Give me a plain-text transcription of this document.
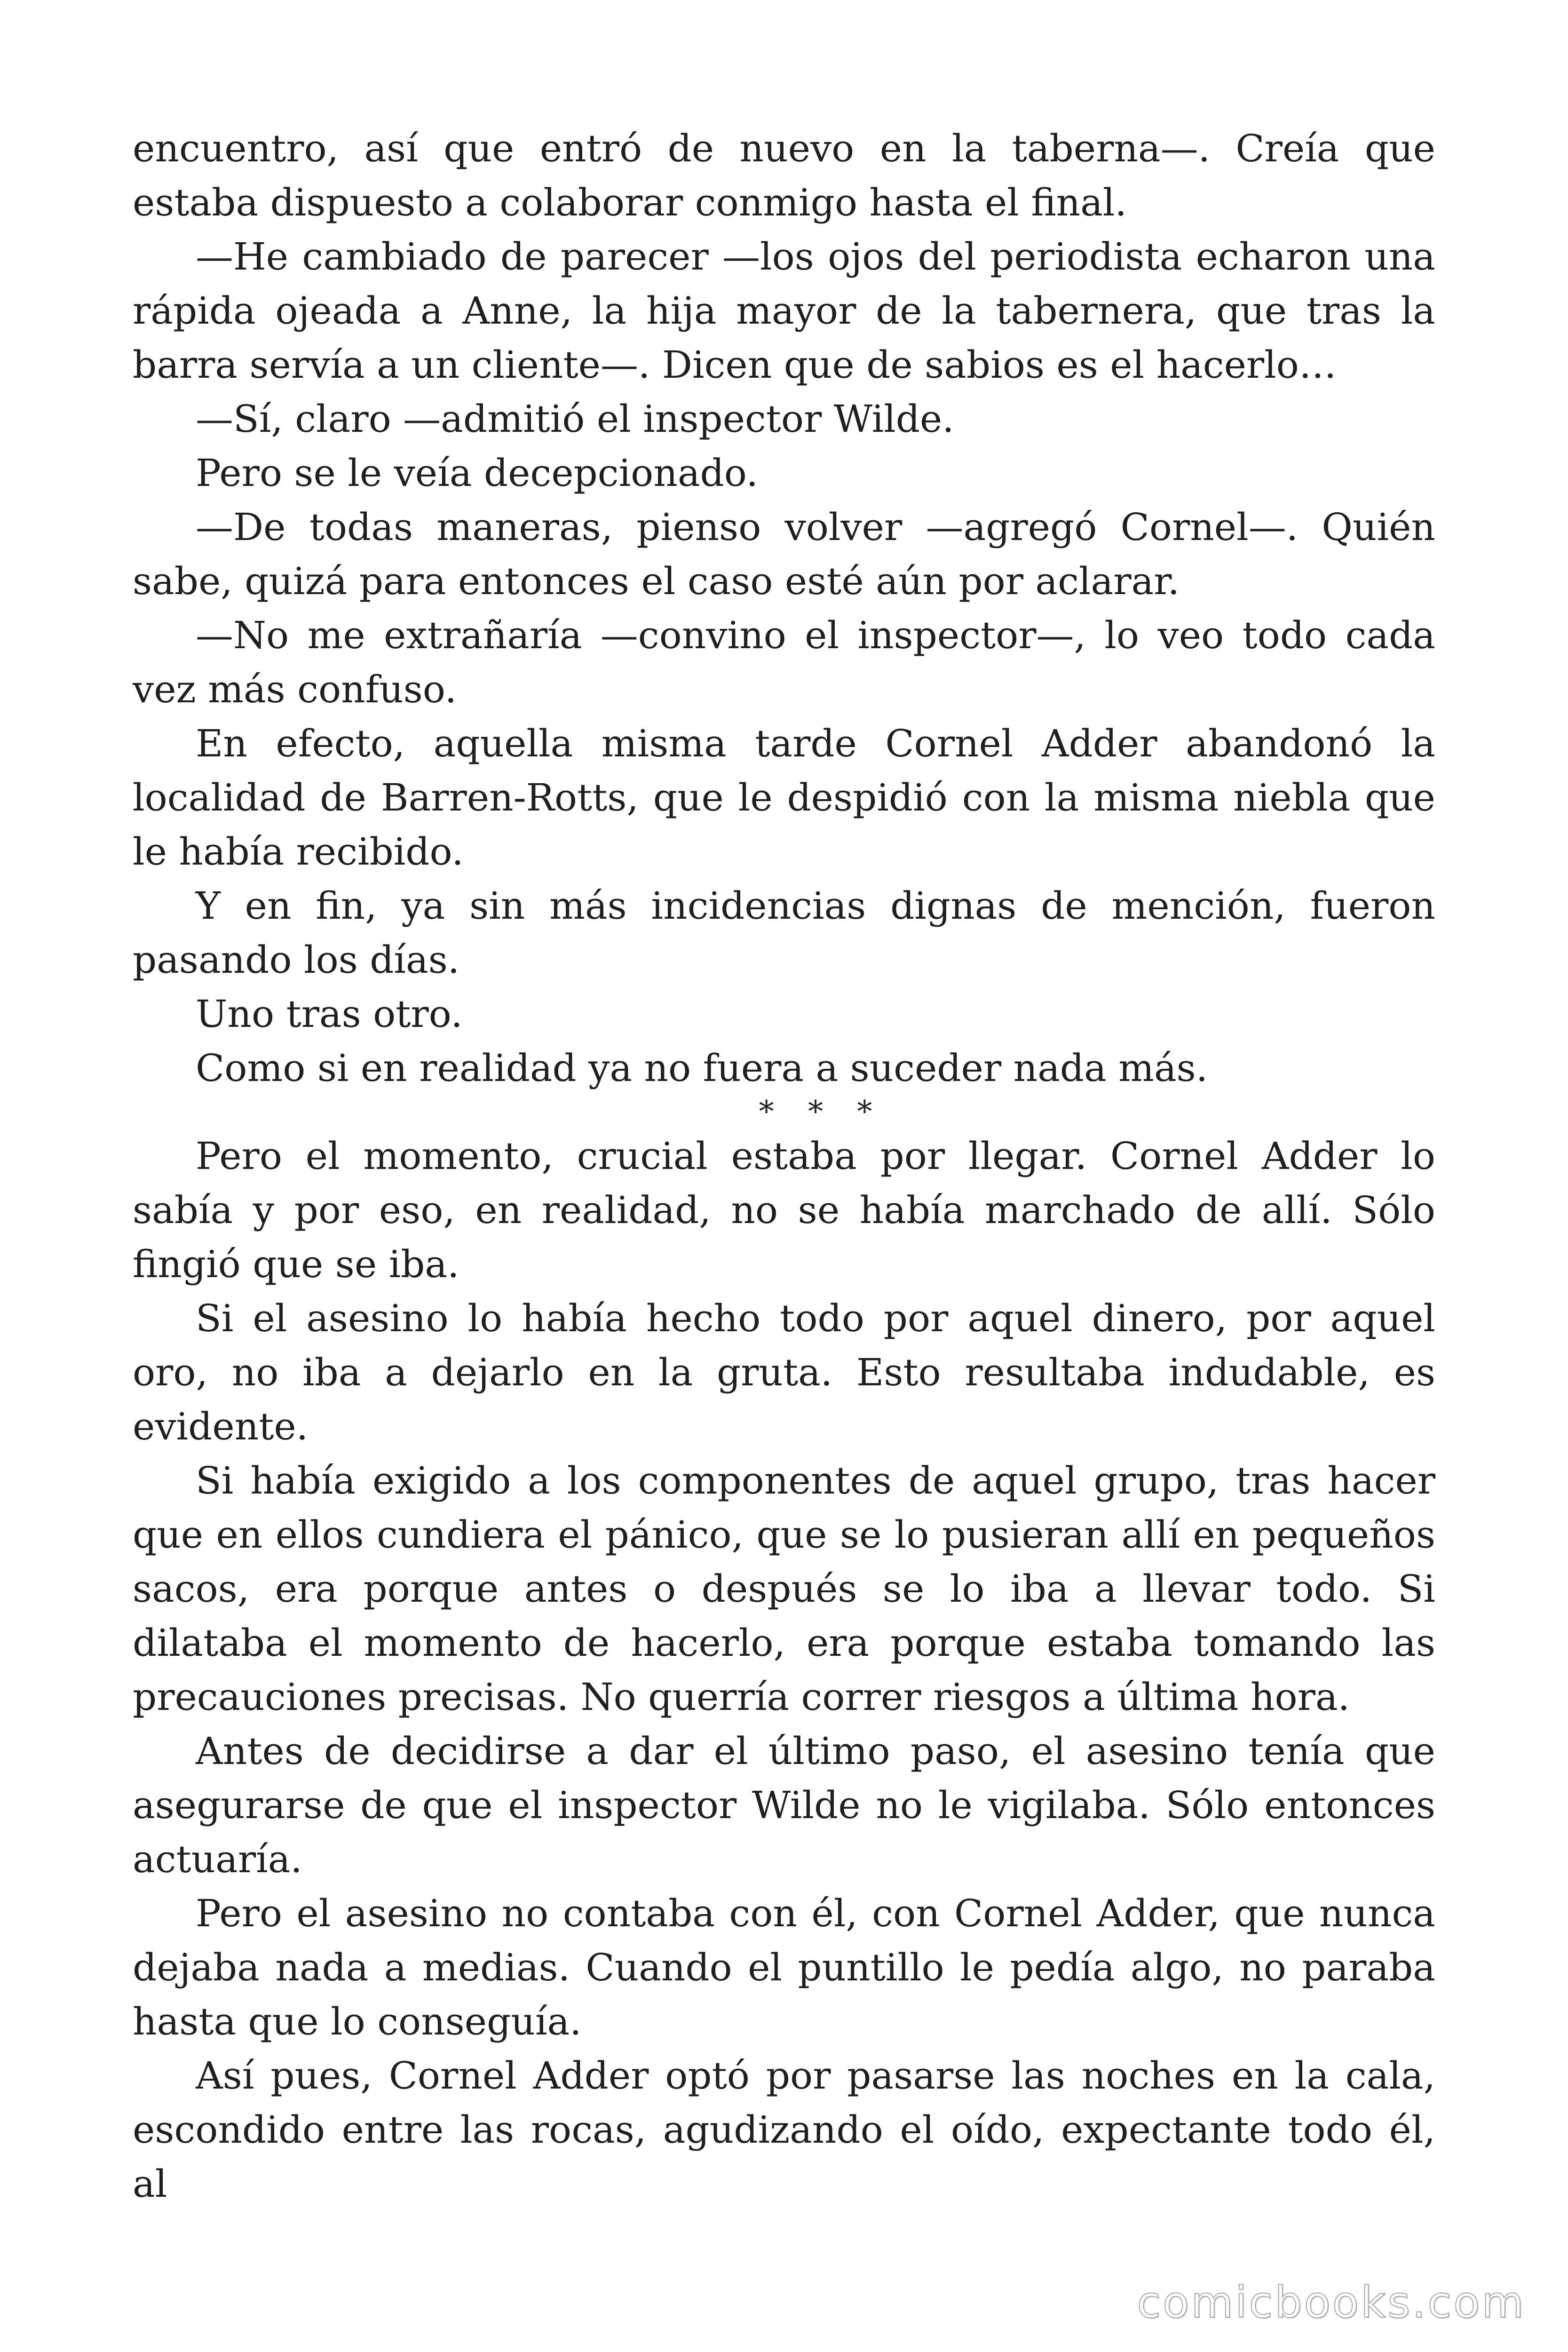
encuentro, así que entró de nuevo en la taberna—. Creía que estaba dispuesto a colaborar conmigo hasta el final.

—He cambiado de parecer —los ojos del periodista echaron una rápida ojeada a Anne, la hija mayor de la tabernera, que tras la barra servía a un cliente—. Dicen que de sabios es el hacerlo…

—Sí, claro —admitió el inspector Wilde.

Pero se le veía decepcionado.

—De todas maneras, pienso volver —agregó Cornel—. Quién sabe, quizá para entonces el caso esté aún por aclarar.

—No me extrañaría —convino el inspector—, lo veo todo cada vez más confuso.

En efecto, aquella misma tarde Cornel Adder abandonó la localidad de Barren-Rotts, que le despidió con la misma niebla que le había recibido.

Y en fin, ya sin más incidencias dignas de mención, fueron pasando los días.

Uno tras otro.

Como si en realidad ya no fuera a suceder nada más.

* * *

Pero el momento, crucial estaba por llegar. Cornel Adder lo sabía y por eso, en realidad, no se había marchado de allí. Sólo fingió que se iba.

Si el asesino lo había hecho todo por aquel dinero, por aquel oro, no iba a dejarlo en la gruta. Esto resultaba indudable, es evidente.

Si había exigido a los componentes de aquel grupo, tras hacer que en ellos cundiera el pánico, que se lo pusieran allí en pequeños sacos, era porque antes o después se lo iba a llevar todo. Si dilataba el momento de hacerlo, era porque estaba tomando las precauciones precisas. No querría correr riesgos a última hora.

Antes de decidirse a dar el último paso, el asesino tenía que asegurarse de que el inspector Wilde no le vigilaba. Sólo entonces actuaría.

Pero el asesino no contaba con él, con Cornel Adder, que nunca dejaba nada a medias. Cuando el puntillo le pedía algo, no paraba hasta que lo conseguía.

Así pues, Cornel Adder optó por pasarse las noches en la cala, escondido entre las rocas, agudizando el oído, expectante todo él, al

comicbooks.com
